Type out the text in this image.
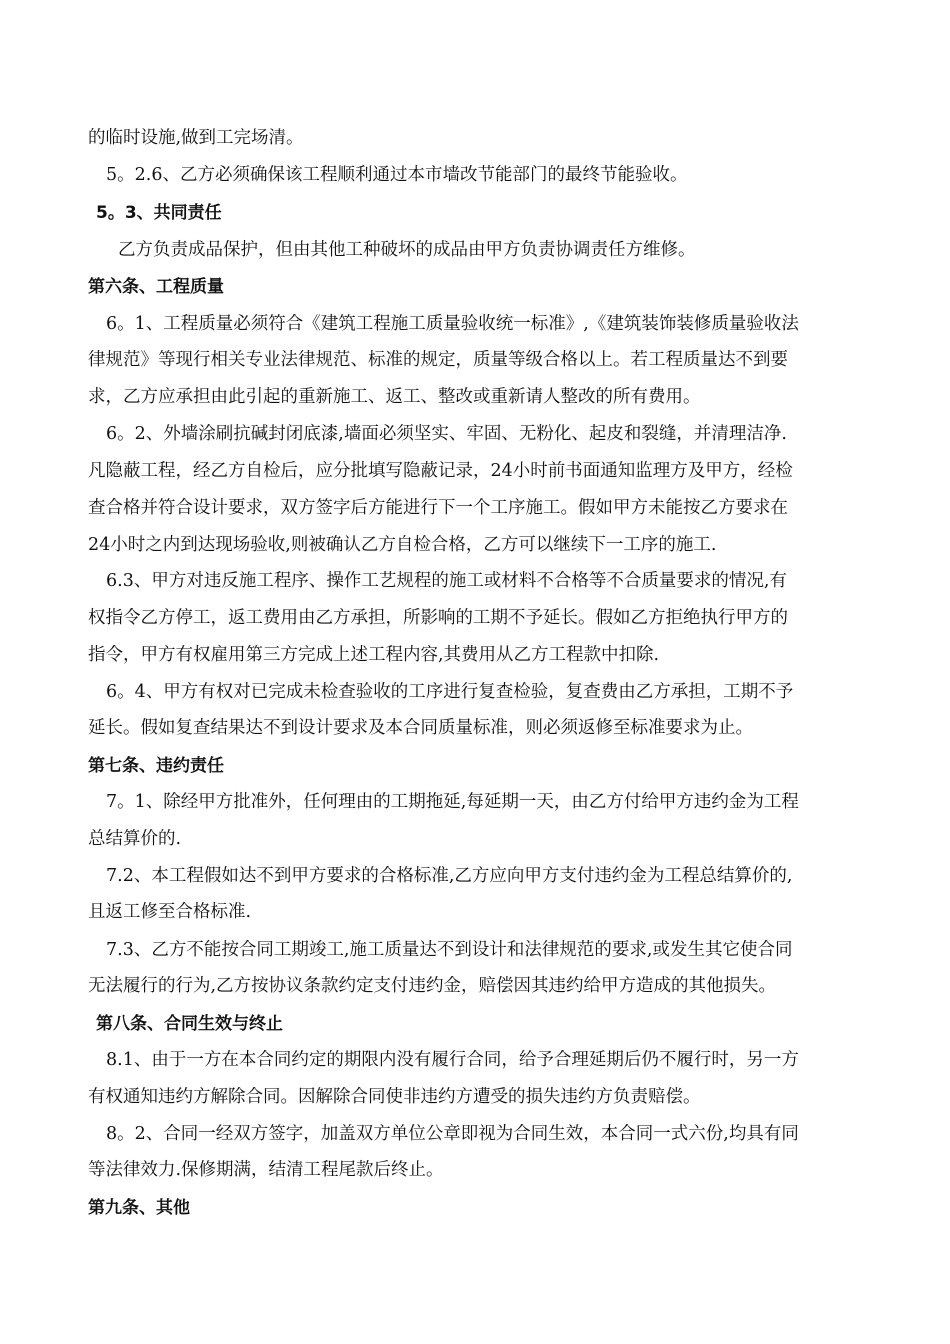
的临时设施,做到工完场清。
5。2.6、乙方必须确保该工程顺利通过本市墙改节能部门的最终节能验收。
5。3、共同责任
乙方负责成品保护，但由其他工种破坏的成品由甲方负责协调责任方维修。
第六条、工程质量
6。1、工程质量必须符合《建筑工程施工质量验收统一标准》,《建筑装饰装修质量验收法
律规范》等现行相关专业法律规范、标准的规定，质量等级合格以上。若工程质量达不到要
求，乙方应承担由此引起的重新施工、返工、整改或重新请人整改的所有费用。
6。2、外墙涂刷抗碱封闭底漆,墙面必须坚实、牢固、无粉化、起皮和裂缝，并清理洁净.
凡隐蔽工程，经乙方自检后，应分批填写隐蔽记录，24小时前书面通知监理方及甲方，经检
查合格并符合设计要求，双方签字后方能进行下一个工序施工。假如甲方未能按乙方要求在
24小时之内到达现场验收,则被确认乙方自检合格，乙方可以继续下一工序的施工.
6.3、甲方对违反施工程序、操作工艺规程的施工或材料不合格等不合质量要求的情况,有
权指令乙方停工，返工费用由乙方承担，所影响的工期不予延长。假如乙方拒绝执行甲方的
指令，甲方有权雇用第三方完成上述工程内容,其费用从乙方工程款中扣除.
6。4、甲方有权对已完成未检查验收的工序进行复查检验，复查费由乙方承担，工期不予
延长。假如复查结果达不到设计要求及本合同质量标准，则必须返修至标准要求为止。
第七条、违约责任
7。1、除经甲方批准外，任何理由的工期拖延,每延期一天，由乙方付给甲方违约金为工程
总结算价的.
7.2、本工程假如达不到甲方要求的合格标准,乙方应向甲方支付违约金为工程总结算价的,
且返工修至合格标准.
7.3、乙方不能按合同工期竣工,施工质量达不到设计和法律规范的要求,或发生其它使合同
无法履行的行为,乙方按协议条款约定支付违约金，赔偿因其违约给甲方造成的其他损失。
第八条、合同生效与终止
8.1、由于一方在本合同约定的期限内没有履行合同，给予合理延期后仍不履行时，另一方
有权通知违约方解除合同。因解除合同使非违约方遭受的损失违约方负责赔偿。
8。2、合同一经双方签字，加盖双方单位公章即视为合同生效，本合同一式六份,均具有同
等法律效力.保修期满，结清工程尾款后终止。
第九条、其他
